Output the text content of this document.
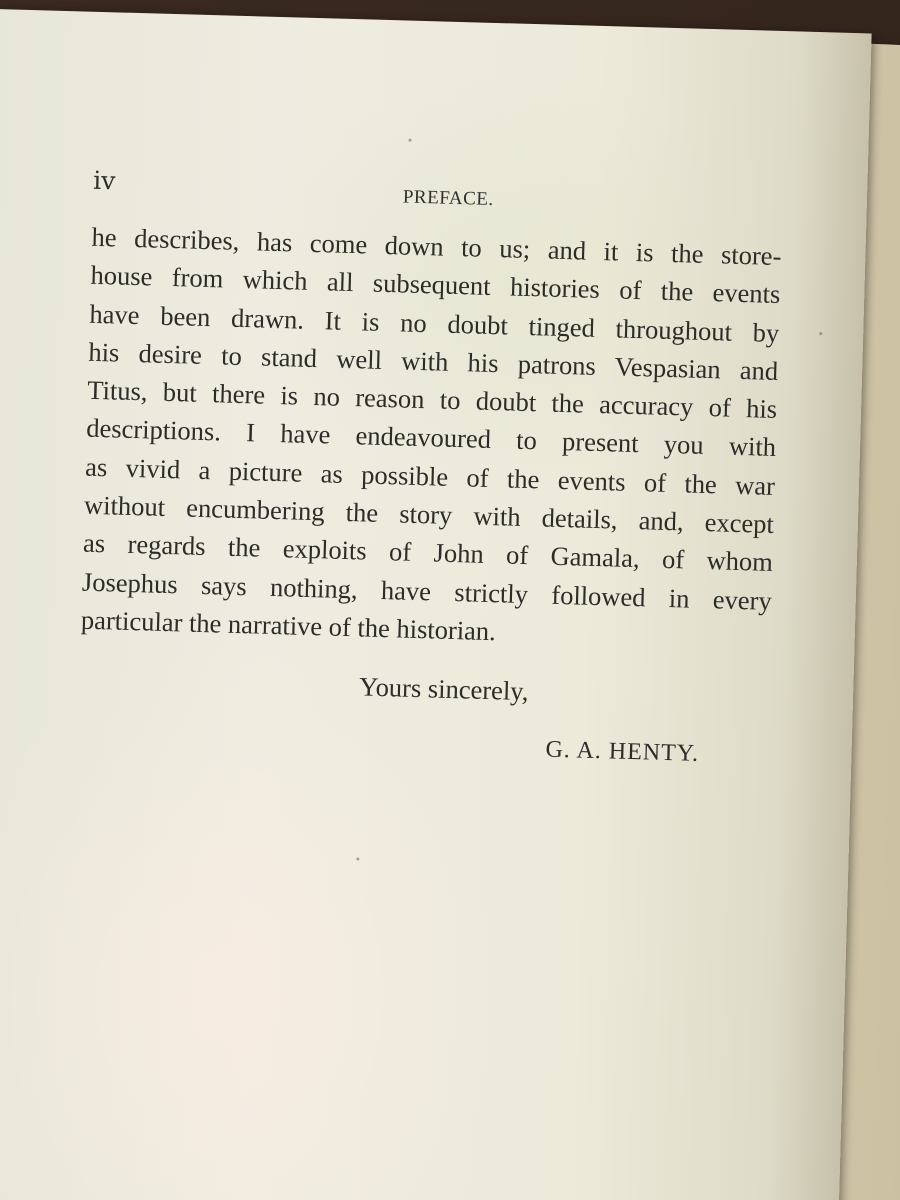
iv
PREFACE.
he describes, has come down to us; and it is the store-
house from which all subsequent histories of the events
have been drawn. It is no doubt tinged throughout by
his desire to stand well with his patrons Vespasian and
Titus, but there is no reason to doubt the accuracy of his
descriptions. I have endeavoured to present you with
as vivid a picture as possible of the events of the war
without encumbering the story with details, and, except
as regards the exploits of John of Gamala, of whom
Josephus says nothing, have strictly followed in every
particular the narrative of the historian.
Yours sincerely,
G. A. HENTY.
